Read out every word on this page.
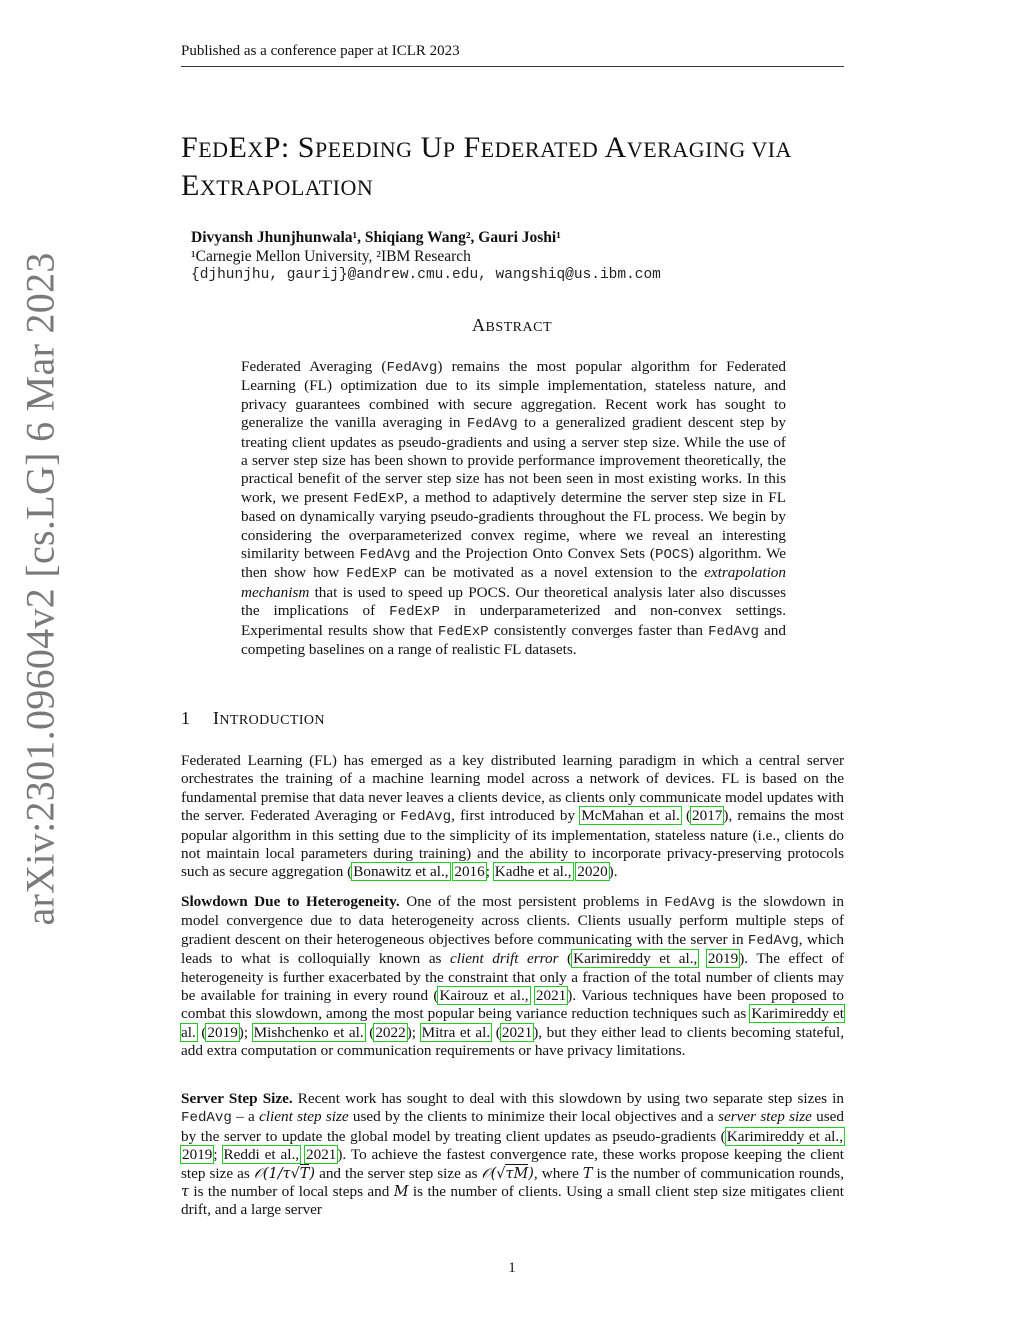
arXiv:2301.09604v2 [cs.LG] 6 Mar 2023
Published as a conference paper at ICLR 2023
FEDEXP: SPEEDING UP FEDERATED AVERAGING VIA
EXTRAPOLATION
Divyansh Jhunjhunwala¹, Shiqiang Wang², Gauri Joshi¹
¹Carnegie Mellon University, ²IBM Research
{djhunjhu, gaurij}@andrew.cmu.edu, wangshiq@us.ibm.com
ABSTRACT
Federated Averaging (FedAvg) remains the most popular algorithm for Federated Learning (FL) optimization due to its simple implementation, stateless nature, and privacy guarantees combined with secure aggregation. Recent work has sought to generalize the vanilla averaging in FedAvg to a generalized gradient descent step by treating client updates as pseudo-gradients and using a server step size. While the use of a server step size has been shown to provide performance improvement theoretically, the practical benefit of the server step size has not been seen in most existing works. In this work, we present FedExP, a method to adaptively determine the server step size in FL based on dynamically varying pseudo-gradients throughout the FL process. We begin by considering the overparameterized convex regime, where we reveal an interesting similarity between FedAvg and the Projection Onto Convex Sets (POCS) algorithm. We then show how FedExP can be motivated as a novel extension to the extrapolation mechanism that is used to speed up POCS. Our theoretical analysis later also discusses the implications of FedExP in underparameterized and non-convex settings. Experimental results show that FedExP consistently converges faster than FedAvg and competing baselines on a range of realistic FL datasets.
1 INTRODUCTION
Federated Learning (FL) has emerged as a key distributed learning paradigm in which a central server orchestrates the training of a machine learning model across a network of devices. FL is based on the fundamental premise that data never leaves a clients device, as clients only communicate model updates with the server. Federated Averaging or FedAvg, first introduced by McMahan et al. (2017), remains the most popular algorithm in this setting due to the simplicity of its implementation, stateless nature (i.e., clients do not maintain local parameters during training) and the ability to incorporate privacy-preserving protocols such as secure aggregation (Bonawitz et al., 2016; Kadhe et al., 2020).
Slowdown Due to Heterogeneity. One of the most persistent problems in FedAvg is the slowdown in model convergence due to data heterogeneity across clients. Clients usually perform multiple steps of gradient descent on their heterogeneous objectives before communicating with the server in FedAvg, which leads to what is colloquially known as client drift error (Karimireddy et al., 2019). The effect of heterogeneity is further exacerbated by the constraint that only a fraction of the total number of clients may be available for training in every round (Kairouz et al., 2021). Various techniques have been proposed to combat this slowdown, among the most popular being variance reduction techniques such as Karimireddy et al. (2019); Mishchenko et al. (2022); Mitra et al. (2021), but they either lead to clients becoming stateful, add extra computation or communication requirements or have privacy limitations.
Server Step Size. Recent work has sought to deal with this slowdown by using two separate step sizes in FedAvg – a client step size used by the clients to minimize their local objectives and a server step size used by the server to update the global model by treating client updates as pseudo-gradients (Karimireddy et al., 2019; Reddi et al., 2021). To achieve the fastest convergence rate, these works propose keeping the client step size as 𝒪(1/τ√T) and the server step size as 𝒪(√τM), where T is the number of communication rounds, τ is the number of local steps and M is the number of clients. Using a small client step size mitigates client drift, and a large server
1
